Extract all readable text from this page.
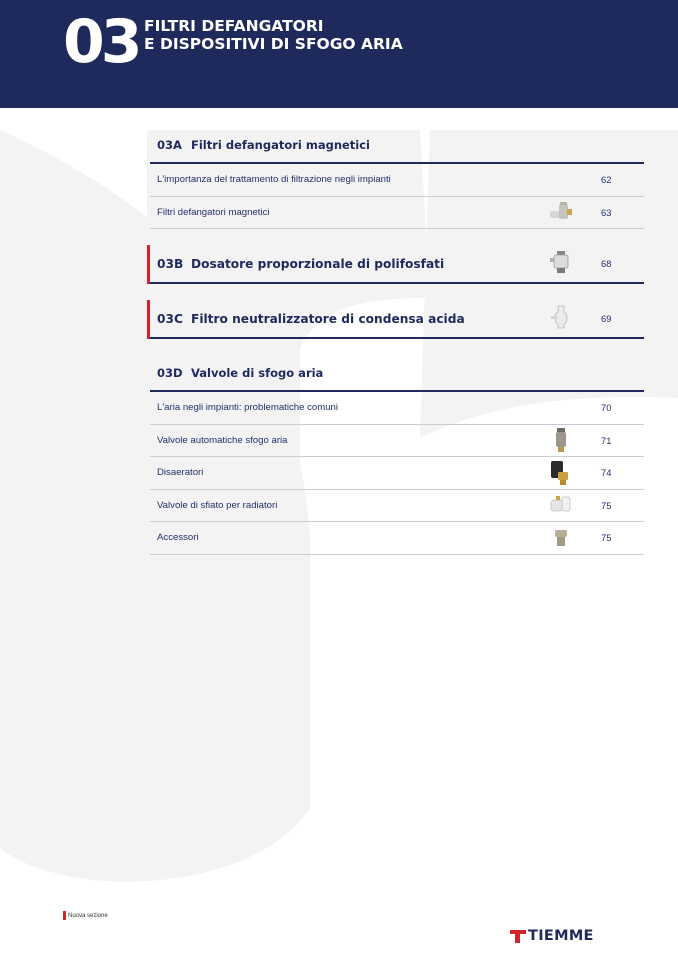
03 FILTRI DEFANGATORI
E DISPOSITIVI DI SFOGO ARIA
03A Filtri defangatori magnetici
L'importanza del trattamento di filtrazione negli impianti	62
Filtri defangatori magnetici	63
03B Dosatore proporzionale di polifosfati	68
03C Filtro neutralizzatore di condensa acida	69
03D Valvole di sfogo aria
L'aria negli impianti: problematiche comuni	70
Valvole automatiche sfogo aria	71
Disaeratori	74
Valvole di sfiato per radiatori	75
Accessori	75
Nuova sezione
TIEMME
